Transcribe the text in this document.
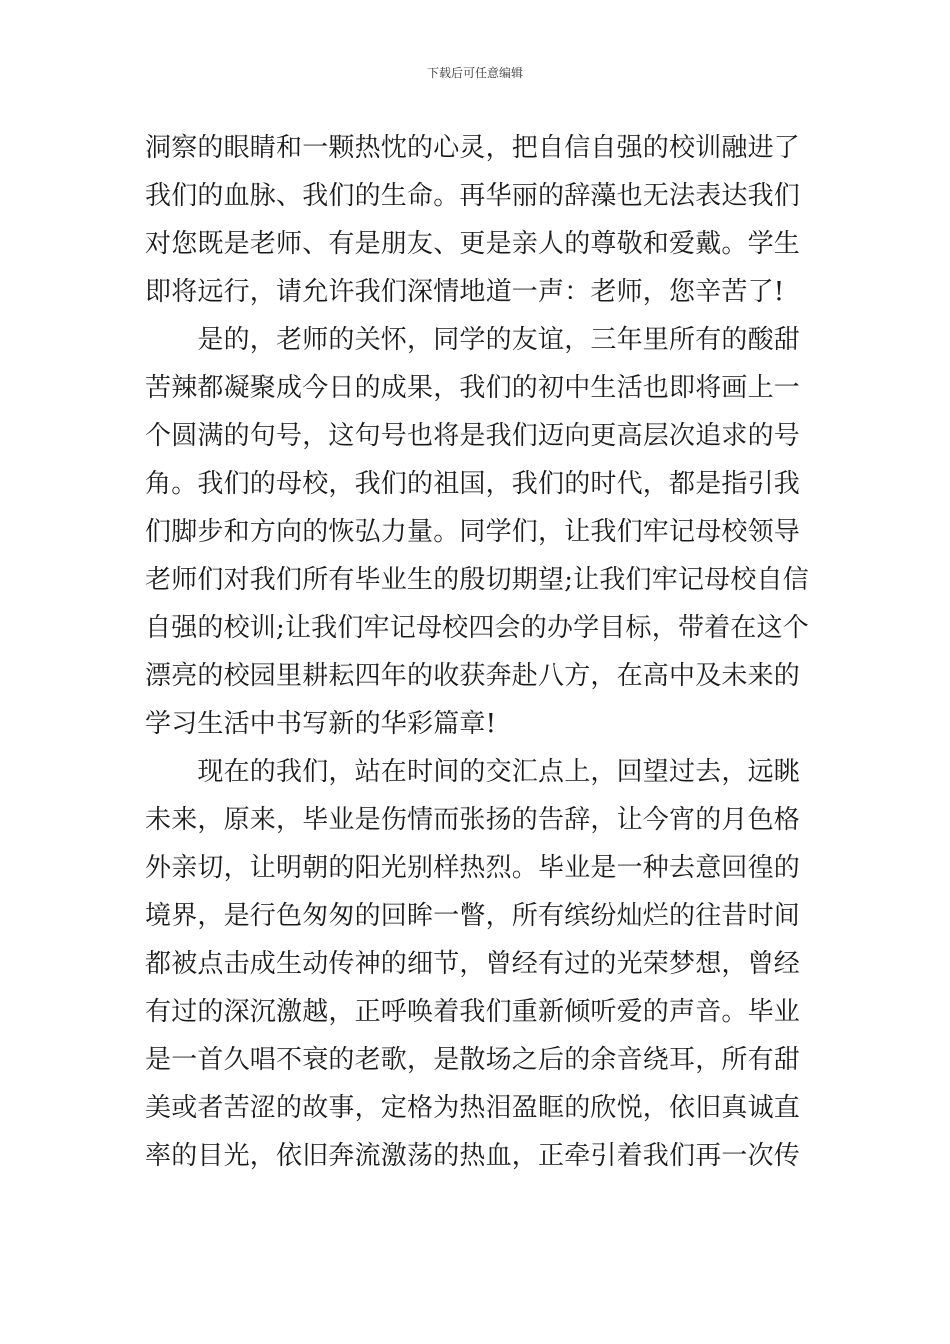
下载后可任意编辑
洞察的眼睛和一颗热忱的心灵，把自信自强的校训融进了
我们的血脉、我们的生命。再华丽的辞藻也无法表达我们
对您既是老师、有是朋友、更是亲人的尊敬和爱戴。学生
即将远行，请允许我们深情地道一声：老师，您辛苦了!
　　是的，老师的关怀，同学的友谊，三年里所有的酸甜
苦辣都凝聚成今日的成果，我们的初中生活也即将画上一
个圆满的句号，这句号也将是我们迈向更高层次追求的号
角。我们的母校，我们的祖国，我们的时代，都是指引我
们脚步和方向的恢弘力量。同学们，让我们牢记母校领导
老师们对我们所有毕业生的殷切期望;让我们牢记母校自信
自强的校训;让我们牢记母校四会的办学目标，带着在这个
漂亮的校园里耕耘四年的收获奔赴八方，在高中及未来的
学习生活中书写新的华彩篇章!
　　现在的我们，站在时间的交汇点上，回望过去，远眺
未来，原来，毕业是伤情而张扬的告辞，让今宵的月色格
外亲切，让明朝的阳光别样热烈。毕业是一种去意回徨的
境界，是行色匆匆的回眸一瞥，所有缤纷灿烂的往昔时间
都被点击成生动传神的细节，曾经有过的光荣梦想，曾经
有过的深沉激越，正呼唤着我们重新倾听爱的声音。毕业
是一首久唱不衰的老歌，是散场之后的余音绕耳，所有甜
美或者苦涩的故事，定格为热泪盈眶的欣悦，依旧真诚直
率的目光，依旧奔流激荡的热血，正牵引着我们再一次传
